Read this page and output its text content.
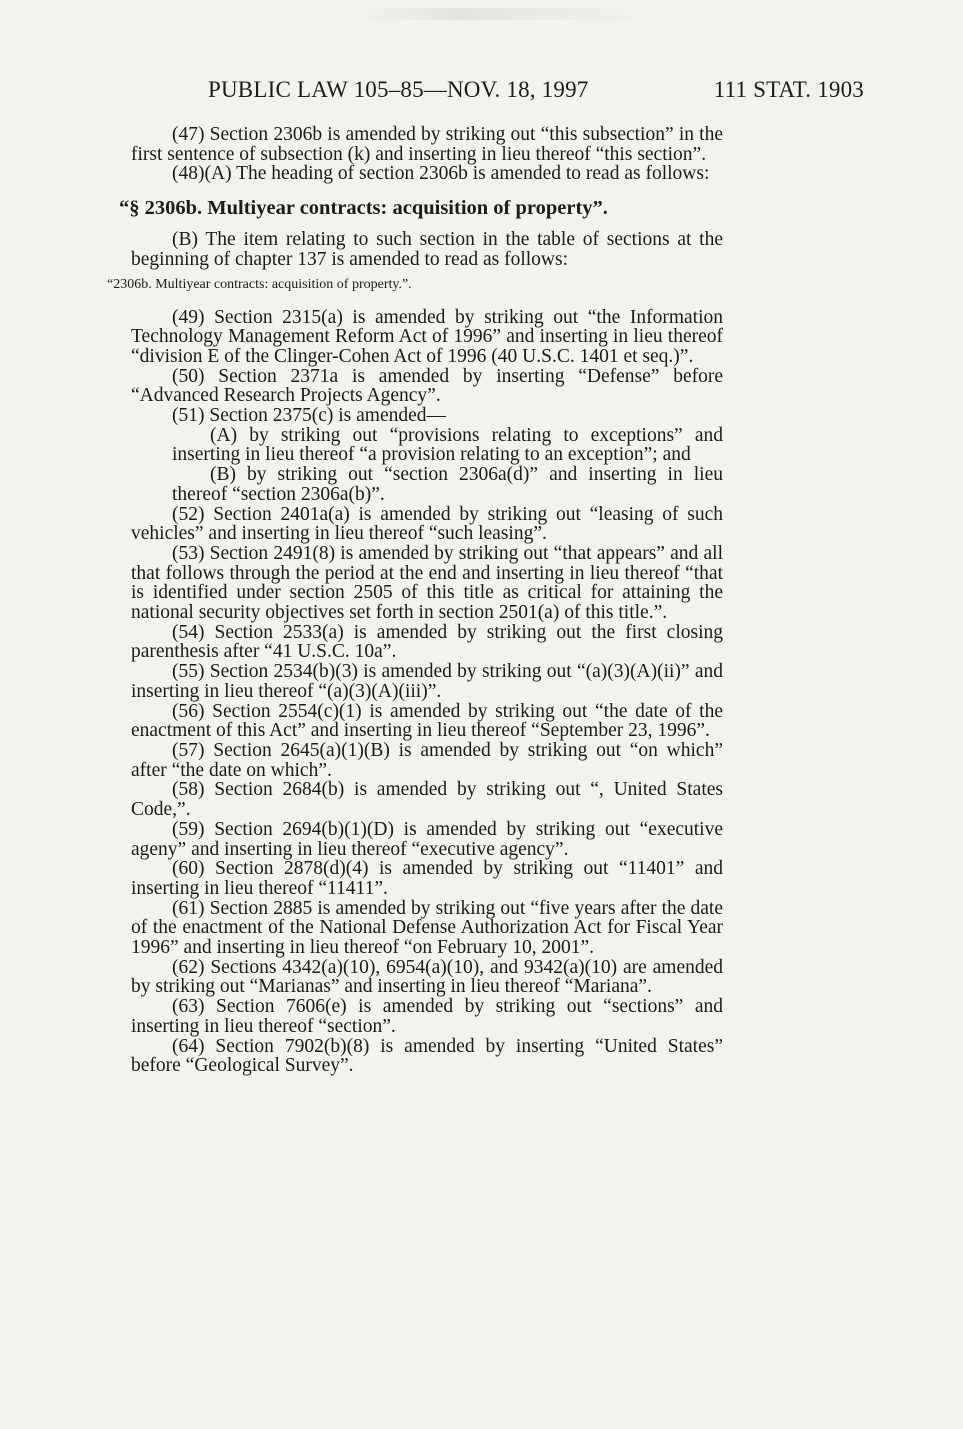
PUBLIC LAW 105–85—NOV. 18, 1997	111 STAT. 1903

(47) Section 2306b is amended by striking out “this subsection” in the first sentence of subsection (k) and inserting in lieu thereof “this section”.

(48)(A) The heading of section 2306b is amended to read as follows:

“§ 2306b. Multiyear contracts: acquisition of property”.

(B) The item relating to such section in the table of sections at the beginning of chapter 137 is amended to read as follows:

“2306b. Multiyear contracts: acquisition of property.”.

(49) Section 2315(a) is amended by striking out “the Information Technology Management Reform Act of 1996” and inserting in lieu thereof “division E of the Clinger-Cohen Act of 1996 (40 U.S.C. 1401 et seq.)”.

(50) Section 2371a is amended by inserting “Defense” before “Advanced Research Projects Agency”.

(51) Section 2375(c) is amended—

(A) by striking out “provisions relating to exceptions” and inserting in lieu thereof “a provision relating to an exception”; and

(B) by striking out “section 2306a(d)” and inserting in lieu thereof “section 2306a(b)”.

(52) Section 2401a(a) is amended by striking out “leasing of such vehicles” and inserting in lieu thereof “such leasing”.

(53) Section 2491(8) is amended by striking out “that appears” and all that follows through the period at the end and inserting in lieu thereof “that is identified under section 2505 of this title as critical for attaining the national security objectives set forth in section 2501(a) of this title.”.

(54) Section 2533(a) is amended by striking out the first closing parenthesis after “41 U.S.C. 10a”.

(55) Section 2534(b)(3) is amended by striking out “(a)(3)(A)(ii)” and inserting in lieu thereof “(a)(3)(A)(iii)”.

(56) Section 2554(c)(1) is amended by striking out “the date of the enactment of this Act” and inserting in lieu thereof “September 23, 1996”.

(57) Section 2645(a)(1)(B) is amended by striking out “on which” after “the date on which”.

(58) Section 2684(b) is amended by striking out “, United States Code,”.

(59) Section 2694(b)(1)(D) is amended by striking out “executive ageny” and inserting in lieu thereof “executive agency”.

(60) Section 2878(d)(4) is amended by striking out “11401” and inserting in lieu thereof “11411”.

(61) Section 2885 is amended by striking out “five years after the date of the enactment of the National Defense Authorization Act for Fiscal Year 1996” and inserting in lieu thereof “on February 10, 2001”.

(62) Sections 4342(a)(10), 6954(a)(10), and 9342(a)(10) are amended by striking out “Marianas” and inserting in lieu thereof “Mariana”.

(63) Section 7606(e) is amended by striking out “sections” and inserting in lieu thereof “section”.

(64) Section 7902(b)(8) is amended by inserting “United States” before “Geological Survey”.
